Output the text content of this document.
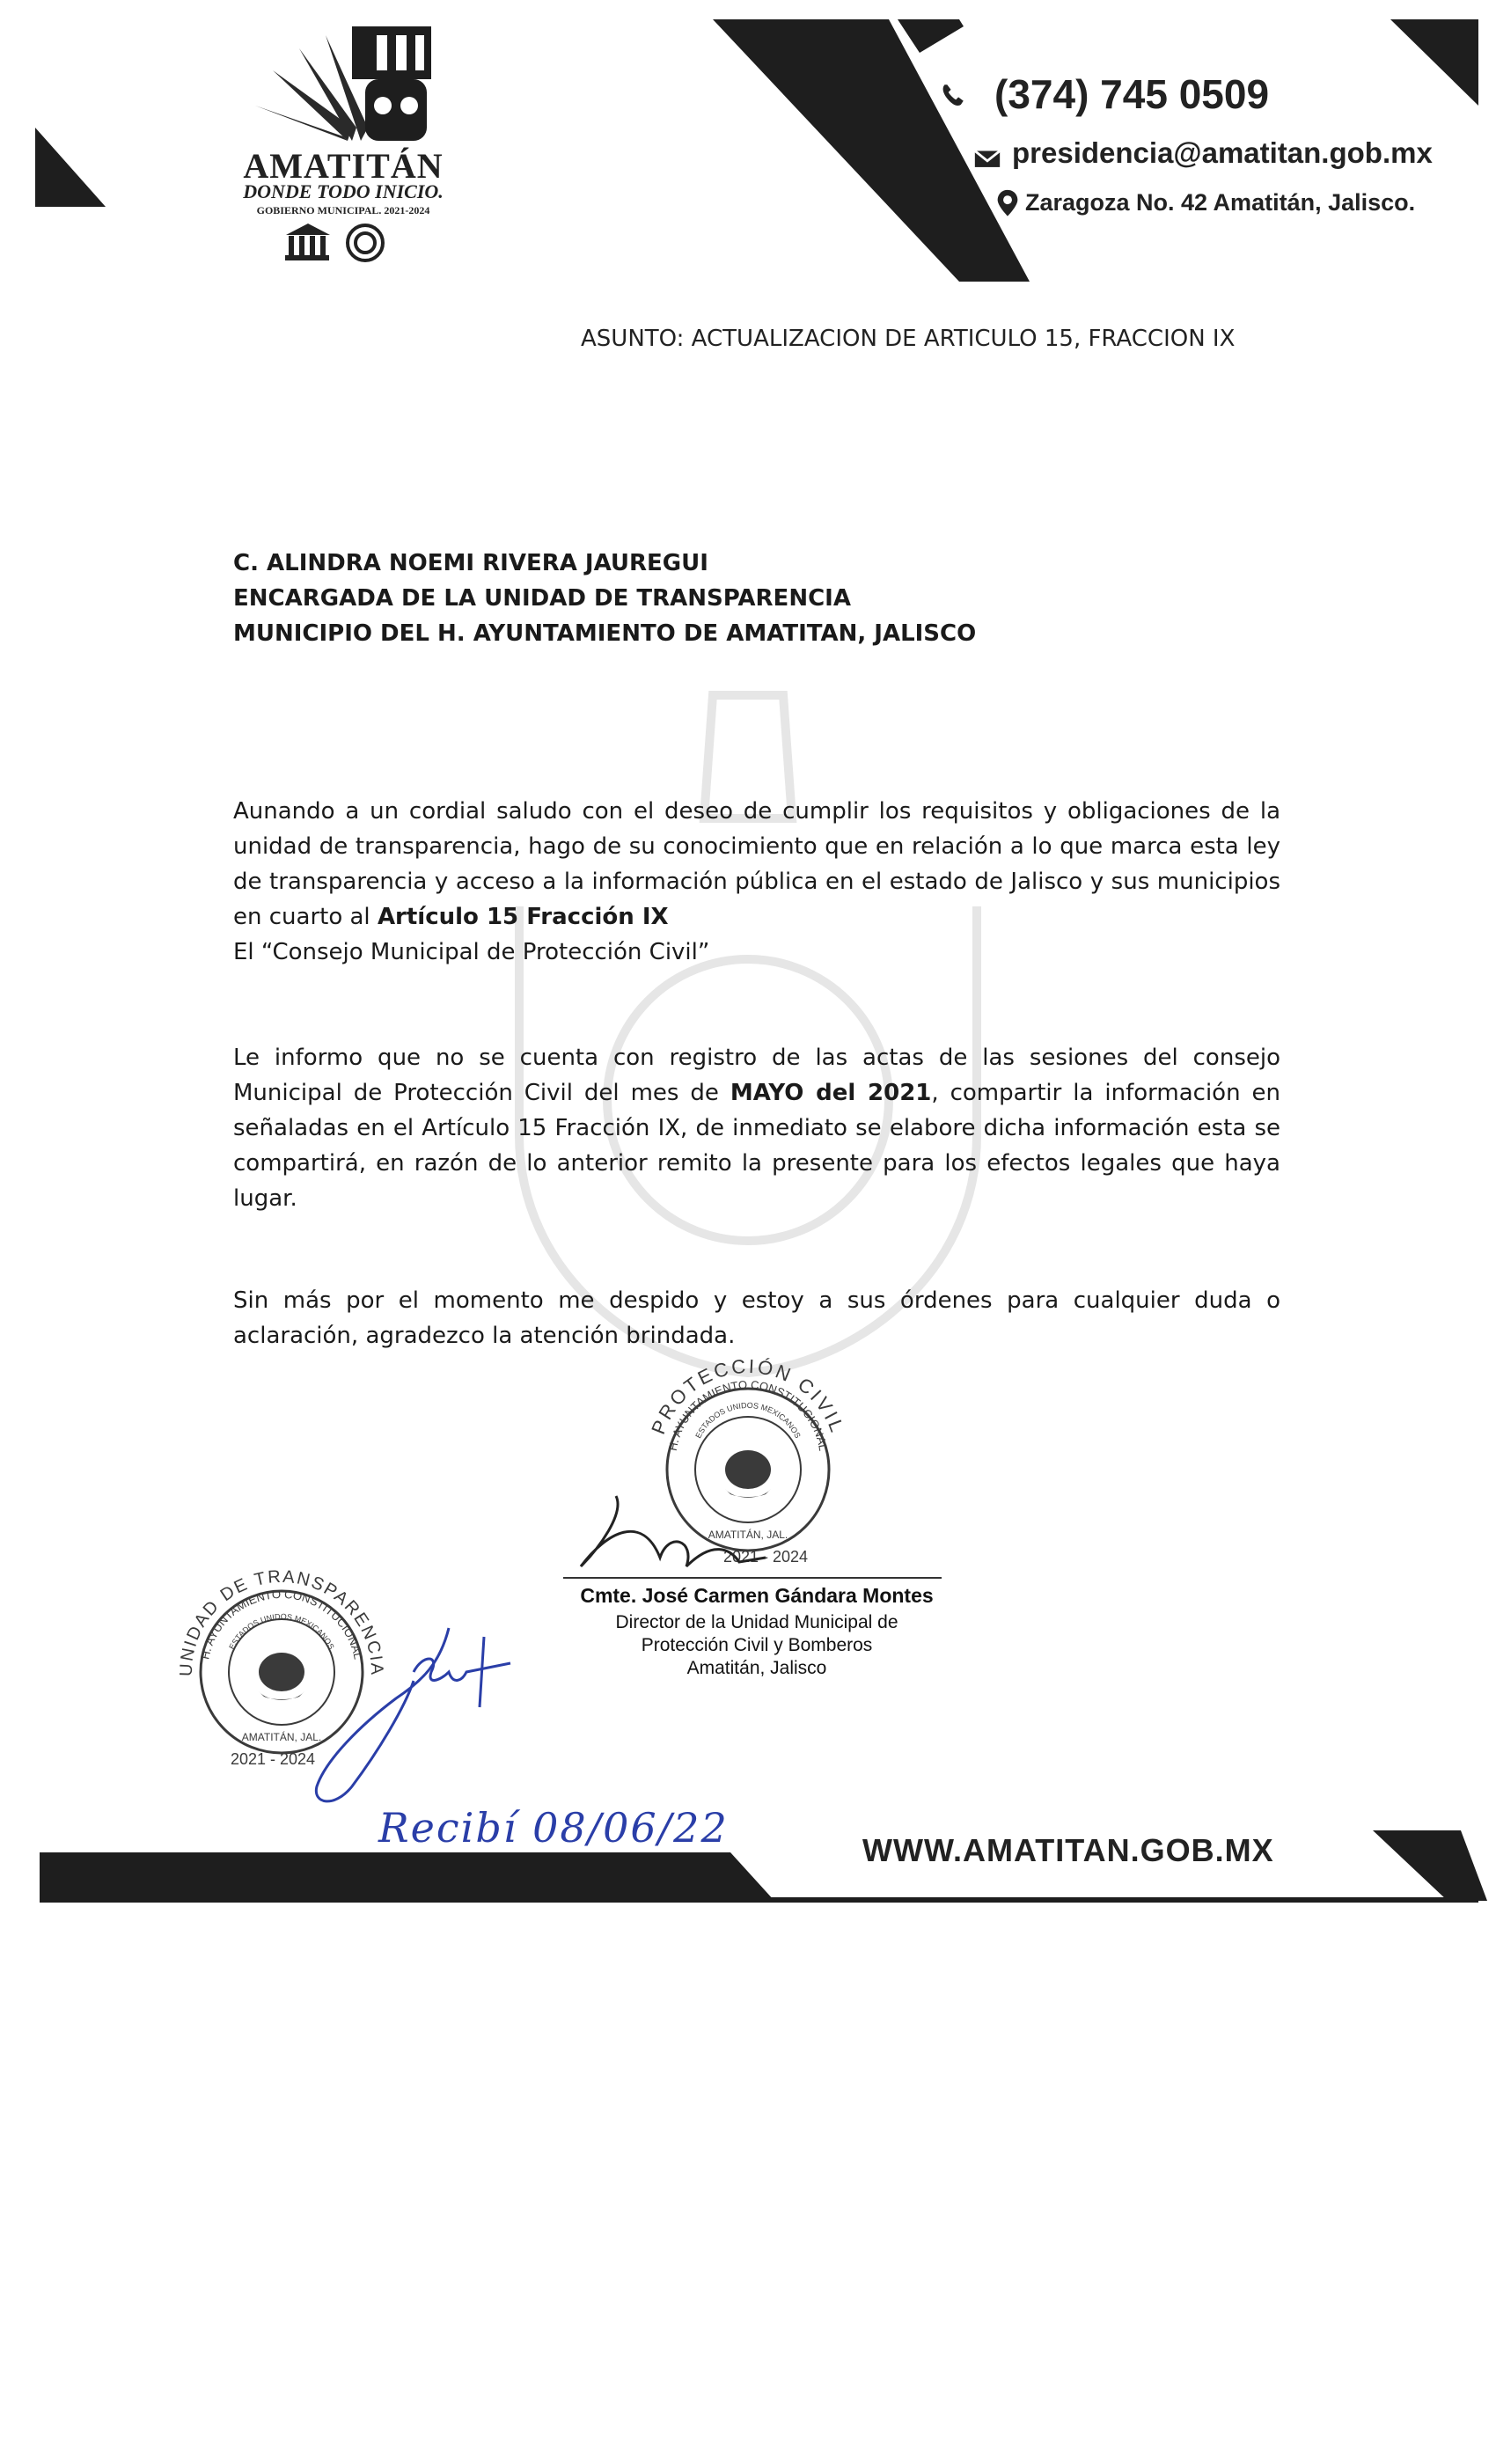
AMATITÁN
DONDE TODO INICIO.
GOBIERNO MUNICIPAL. 2021-2024
(374) 745 0509
presidencia@amatitan.gob.mx
Zaragoza No. 42 Amatitán, Jalisco.
ASUNTO: ACTUALIZACION DE ARTICULO 15, FRACCION IX
C. ALINDRA NOEMI RIVERA JAUREGUI
ENCARGADA DE LA UNIDAD DE TRANSPARENCIA
MUNICIPIO DEL H. AYUNTAMIENTO DE AMATITAN, JALISCO
Aunando a un cordial saludo con el deseo de cumplir los requisitos y obligaciones de la unidad de transparencia, hago de su conocimiento que en relación a lo que marca esta ley de transparencia y acceso a la información pública en el estado de Jalisco y sus municipios en cuarto al Artículo 15 Fracción IX
El “Consejo Municipal de Protección Civil”
Le informo que no se cuenta con registro de las actas de las sesiones del consejo Municipal de Protección Civil del mes de MAYO del 2021, compartir la información en señaladas en el Artículo 15 Fracción IX, de inmediato se elabore dicha información esta se compartirá, en razón de lo anterior remito la presente para los efectos legales que haya lugar.
Sin más por el momento me despido y estoy a sus órdenes para cualquier duda o aclaración, agradezco la atención brindada.
PROTECCIÓN CIVIL
H. AYUNTAMIENTO CONSTITUCIONAL
ESTADOS UNIDOS MEXICANOS
AMATITÁN, JAL.
2021 - 2024
Cmte. José Carmen Gándara Montes
Director de la Unidad Municipal de
Protección Civil y Bomberos
Amatitán, Jalisco
UNIDAD DE TRANSPARENCIA
H. AYUNTAMIENTO CONSTITUCIONAL
ESTADOS UNIDOS MEXICANOS
AMATITÁN, JAL.
2021 - 2024
Recibí 08/06/22	WWW.AMATITAN.GOB.MX
